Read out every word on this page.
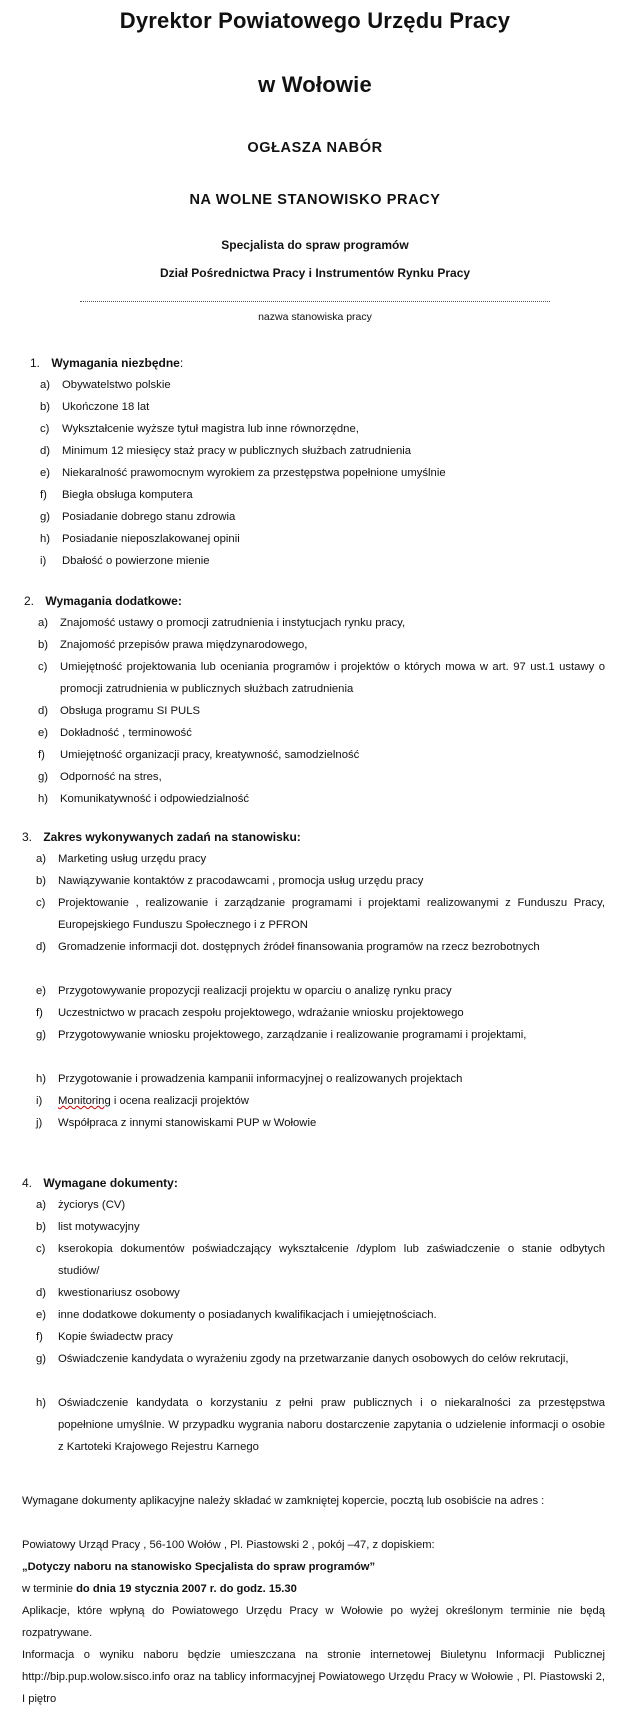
Dyrektor Powiatowego Urzędu Pracy
w Wołowie
OGŁASZA NABÓR
NA WOLNE STANOWISKO PRACY
Specjalista do spraw programów
Dział Pośrednictwa Pracy i Instrumentów Rynku Pracy
nazwa stanowiska pracy
1. Wymagania niezbędne:
a) Obywatelstwo polskie
b) Ukończone 18 lat
c) Wykształcenie wyższe tytuł magistra lub inne równorzędne,
d) Minimum 12 miesięcy staż pracy w publicznych służbach zatrudnienia
e) Niekaralność prawomocnym wyrokiem za przestępstwa popełnione umyślnie
f) Biegła obsługa komputera
g) Posiadanie dobrego stanu zdrowia
h) Posiadanie nieposzlakowanej opinii
i) Dbałość o powierzone mienie
2. Wymagania dodatkowe:
a) Znajomość ustawy o promocji zatrudnienia i instytucjach rynku pracy,
b) Znajomość przepisów prawa międzynarodowego,
c) Umiejętność projektowania lub oceniania programów i projektów o których mowa w art. 97 ust.1 ustawy o promocji zatrudnienia w publicznych służbach zatrudnienia
d) Obsługa programu SI PULS
e) Dokładność , terminowość
f) Umiejętność organizacji pracy, kreatywność, samodzielność
g) Odporność na stres,
h) Komunikatywność i odpowiedzialność
3. Zakres wykonywanych zadań na stanowisku:
a) Marketing usług urzędu pracy
b) Nawiązywanie kontaktów z pracodawcami , promocja usług urzędu pracy
c) Projektowanie , realizowanie i zarządzanie programami i projektami realizowanymi z Funduszu Pracy, Europejskiego Funduszu Społecznego i z PFRON
d) Gromadzenie informacji dot. dostępnych źródeł finansowania programów na rzecz bezrobotnych
e) Przygotowywanie propozycji realizacji projektu w oparciu o analizę rynku pracy
f) Uczestnictwo w pracach zespołu projektowego, wdrażanie wniosku projektowego
g) Przygotowywanie wniosku projektowego, zarządzanie i realizowanie programami i projektami,
h) Przygotowanie i prowadzenia kampanii informacyjnej o realizowanych projektach
i) Monitoring i ocena realizacji projektów
j) Współpraca z innymi stanowiskami PUP w Wołowie
4. Wymagane dokumenty:
a) życiorys (CV)
b) list motywacyjny
c) kserokopia dokumentów poświadczający wykształcenie /dyplom lub zaświadczenie o stanie odbytych studiów/
d) kwestionariusz osobowy
e) inne dodatkowe dokumenty o posiadanych kwalifikacjach i umiejętnościach.
f) Kopie świadectw pracy
g) Oświadczenie kandydata o wyrażeniu zgody na przetwarzanie danych osobowych do celów rekrutacji,
h) Oświadczenie kandydata o korzystaniu z pełni praw publicznych i o niekaralności za przestępstwa popełnione umyślnie. W przypadku wygrania naboru dostarczenie zapytania o udzielenie informacji o osobie z Kartoteki Krajowego Rejestru Karnego
Wymagane dokumenty aplikacyjne należy składać w zamkniętej kopercie, pocztą lub osobiście na adres :
Powiatowy Urząd Pracy , 56-100 Wołów , Pl. Piastowski 2 , pokój –47, z dopiskiem:
„Dotyczy naboru na stanowisko Specjalista do spraw programów”
w terminie do dnia 19 stycznia 2007 r. do godz. 15.30
Aplikacje, które wpłyną do Powiatowego Urzędu Pracy w Wołowie po wyżej określonym terminie nie będą rozpatrywane.
Informacja o wyniku naboru będzie umieszczana na stronie internetowej Biuletynu Informacji Publicznej http://bip.pup.wolow.sisco.info oraz na tablicy informacyjnej Powiatowego Urzędu Pracy w Wołowie , Pl. Piastowski 2, I piętro
